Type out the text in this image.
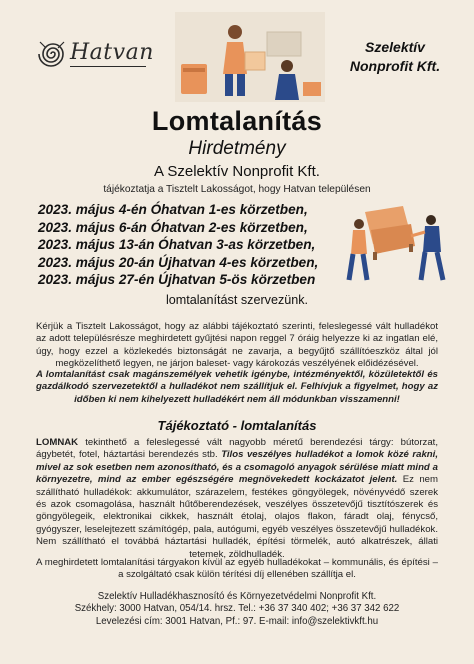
Hatvan	Szelektív
Nonprofit Kft.
Lomtalanítás
Hirdetmény
A Szelektív Nonprofit Kft.
tájékoztatja a Tisztelt Lakosságot, hogy Hatvan településen
2023. május 4-én Óhatvan 1-es körzetben,
2023. május 6-án Óhatvan 2-es körzetben,
2023. május 13-án Óhatvan 3-as körzetben,
2023. május 20-án Újhatvan 4-es körzetben,
2023. május 27-én Újhatvan 5-ös körzetben
lomtalanítást szervezünk.
Kérjük a Tisztelt Lakosságot, hogy az alábbi tájékoztató szerinti, feleslegessé vált hulladékot az adott településrésze meghirdetett gyűjtési napon reggel 7 óráig helyezze ki az ingatlan elé, úgy, hogy ezzel a közlekedés biztonságát ne zavarja, a begyűjtő szállítóeszköz által jól megközelíthető legyen, ne járjon baleset- vagy károkozás veszélyének előidézésével.
A lomtalanítást csak magánszemélyek vehetik igénybe, intézményektől, közületektől és gazdálkodó szervezetektől a hulladékot nem szállítjuk el. Felhívjuk a figyelmet, hogy az időben ki nem kihelyezett hulladékért nem áll módunkban visszamenni!
Tájékoztató - lomtalanítás
LOMNAK tekinthető a feleslegessé vált nagyobb méretű berendezési tárgy: bútorzat, ágybetét, fotel, háztartási berendezés stb. Tilos veszélyes hulladékot a lomok közé rakni, mivel az sok esetben nem azonosítható, és a csomagoló anyagok sérülése miatt mind a környezetre, mind az ember egészségére megnövekedett kockázatot jelent. Ez nem szállítható hulladékok: akkumulátor, szárazelem, festékes göngyölegek, növényvédő szerek és azok csomagolása, használt hűtőberendezések, veszélyes összetevőjű tisztítószerek és göngyölegeik, elektronikai cikkek, használt étolaj, olajos flakon, fáradt olaj, fénycső, gyógyszer, leselejtezett számítógép, pala, autógumi, egyéb veszélyes összetevőjű hulladékok. Nem szállítható el továbbá háztartási hulladék, építési törmelék, autó alkatrészek, állati tetemek, zöldhulladék.
A meghirdetett lomtalanítási tárgyakon kívül az egyéb hulladékokat – kommunális, és építési – a szolgáltató csak külön térítési díj ellenében szállítja el.
Szelektív Hulladékhasznosító és Környezetvédelmi Nonprofit Kft.
Székhely: 3000 Hatvan, 054/14. hrsz. Tel.: +36 37 340 402; +36 37 342 622
Levelezési cím: 3001 Hatvan, Pf.: 97. E-mail: info@szelektivkft.hu
